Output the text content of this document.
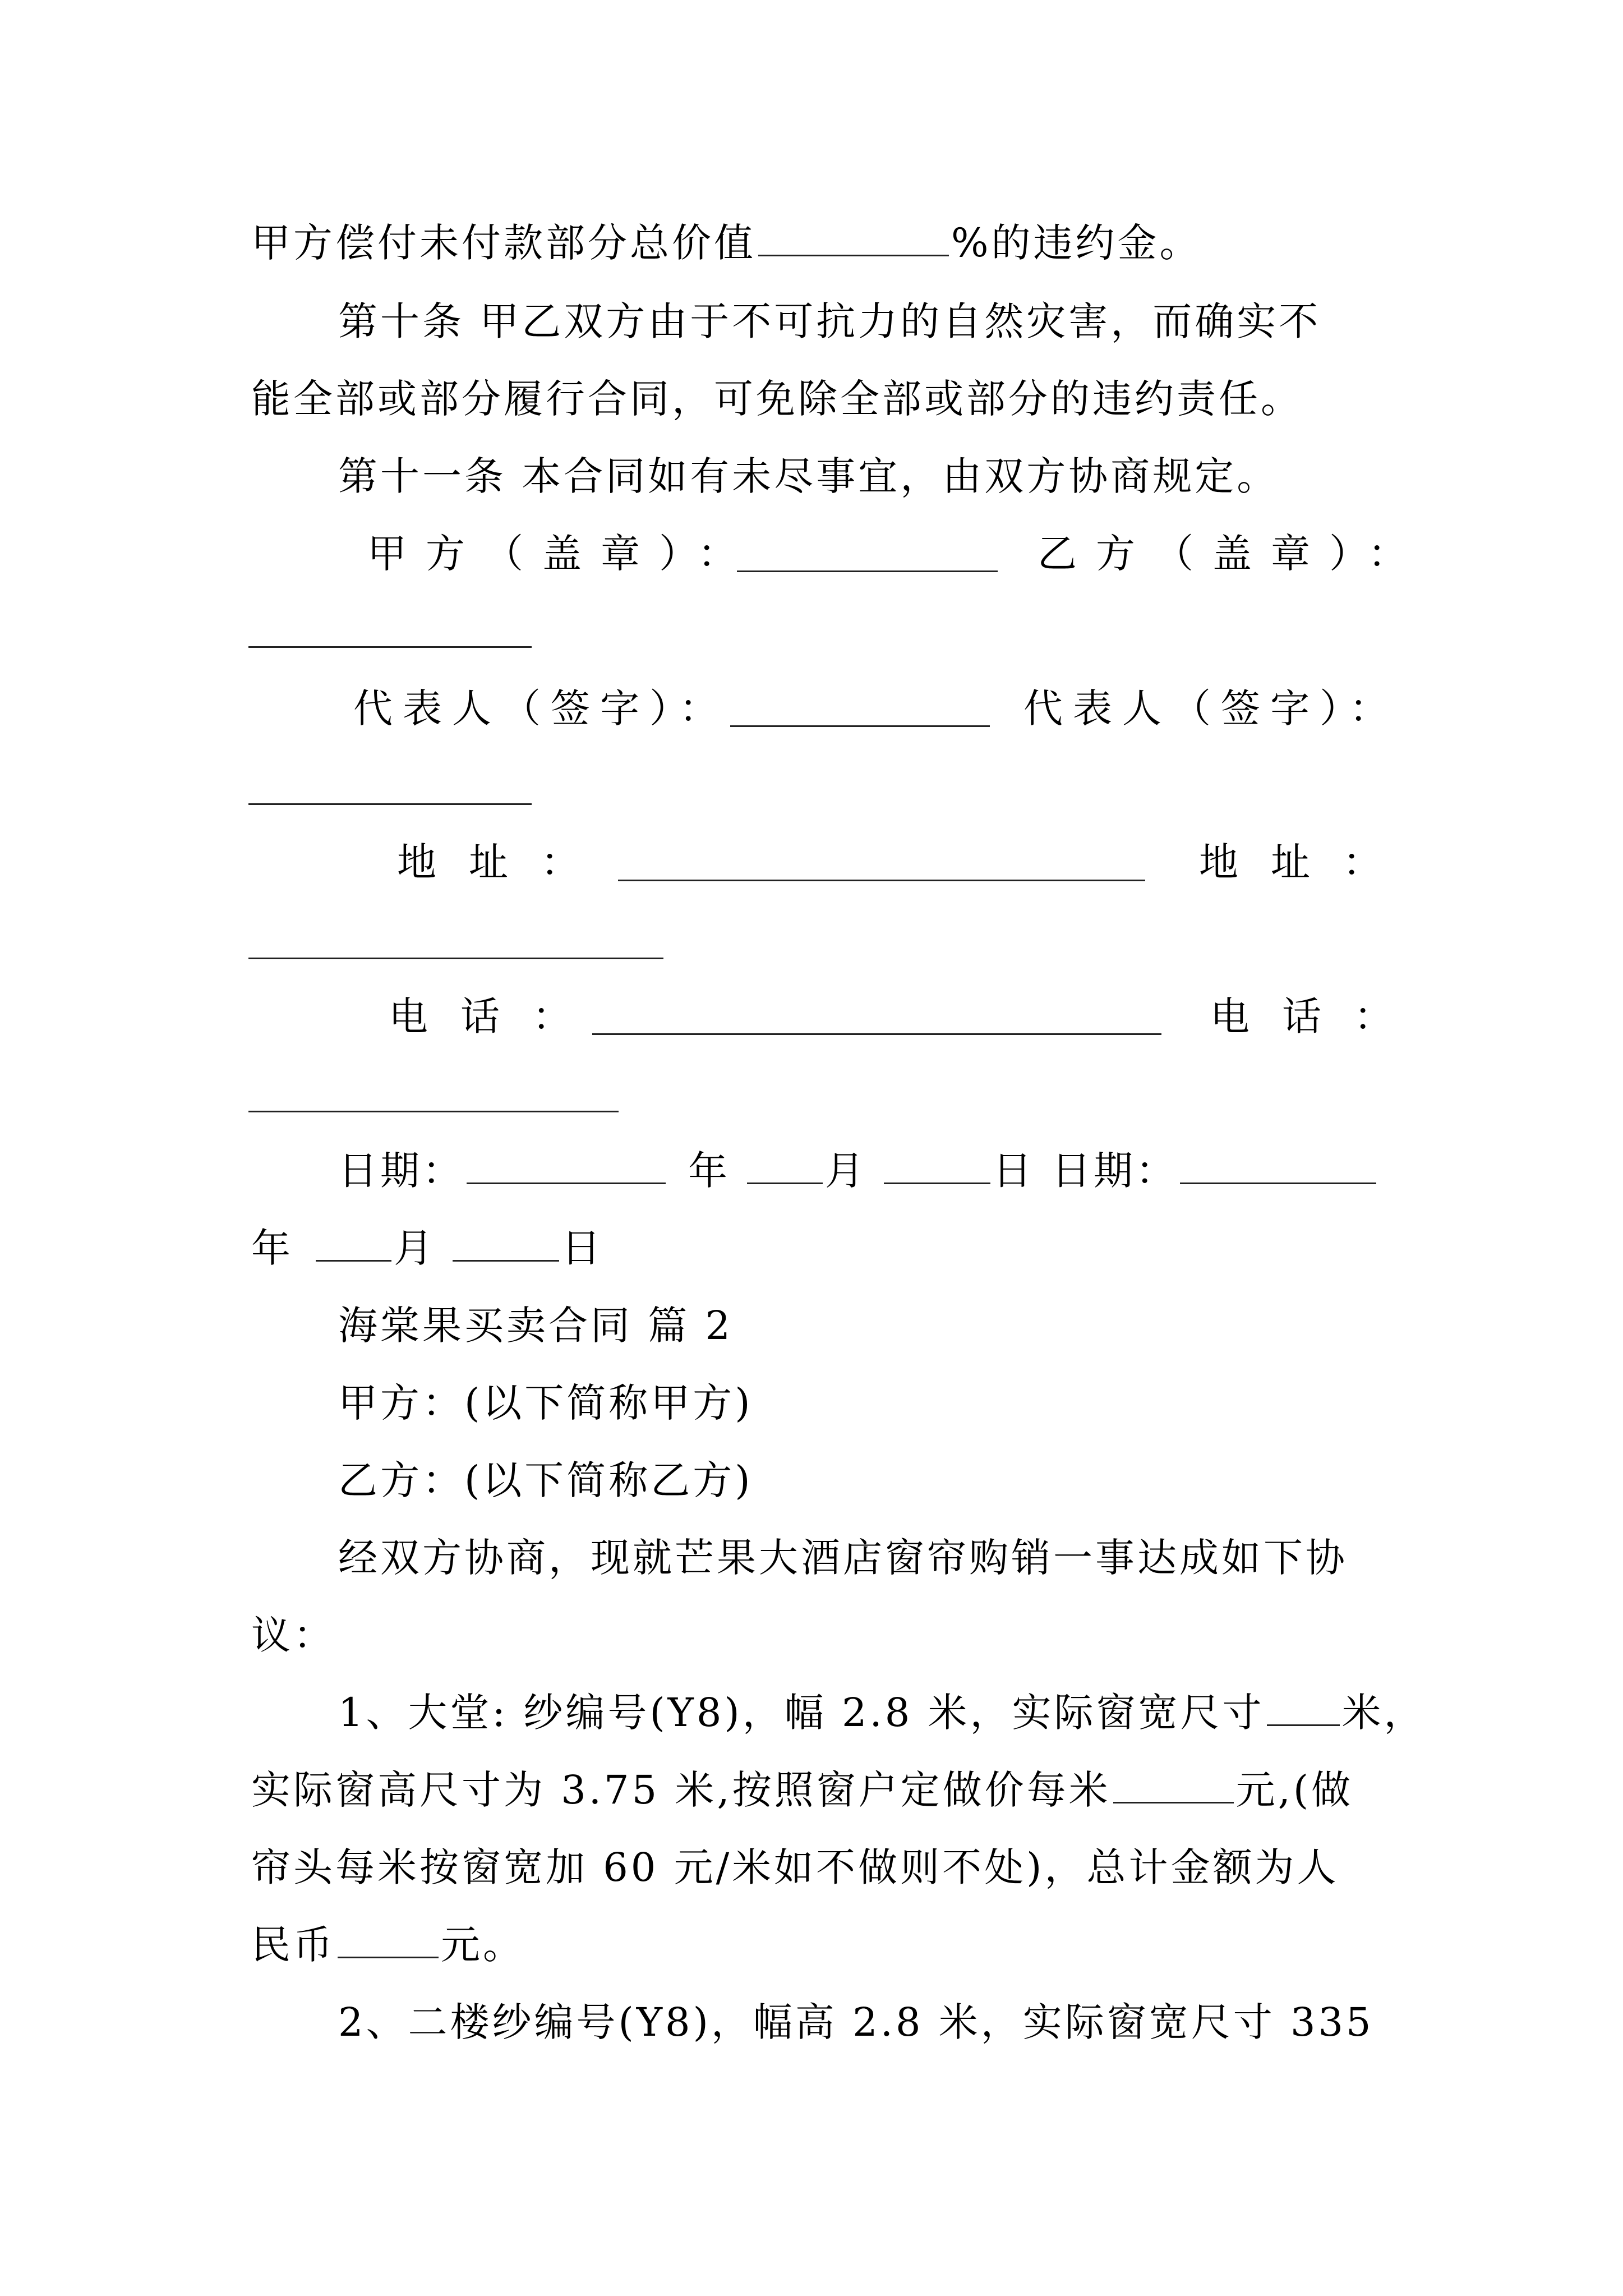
甲方偿付未付款部分总价值	%的违约金。
第十条 甲乙双方由于不可抗力的自然灾害，而确实不
能全部或部分履行合同，可免除全部或部分的违约责任。
第十一条 本合同如有未尽事宜，由双方协商规定。
甲方（盖章）：	乙方（盖章）：
代表人（签字）：	代表人（签字）：
地址：	地址：
电话：	电话：
日期：	年 月	日 日期：
年	月	日
海棠果买卖合同 篇 2
甲方：(以下简称甲方)
乙方：(以下简称乙方)
经双方协商，现就芒果大酒店窗帘购销一事达成如下协
议：
1、大堂: 纱编号(Y8)，幅 2.8 米，实际窗宽尺寸 米，
实际窗高尺寸为 3.75 米,按照窗户定做价每米	元,(做
帘头每米按窗宽加 60 元/米如不做则不处)，总计金额为人
民币	元。
2、二楼纱编号(Y8)，幅高 2.8 米，实际窗宽尺寸 335
